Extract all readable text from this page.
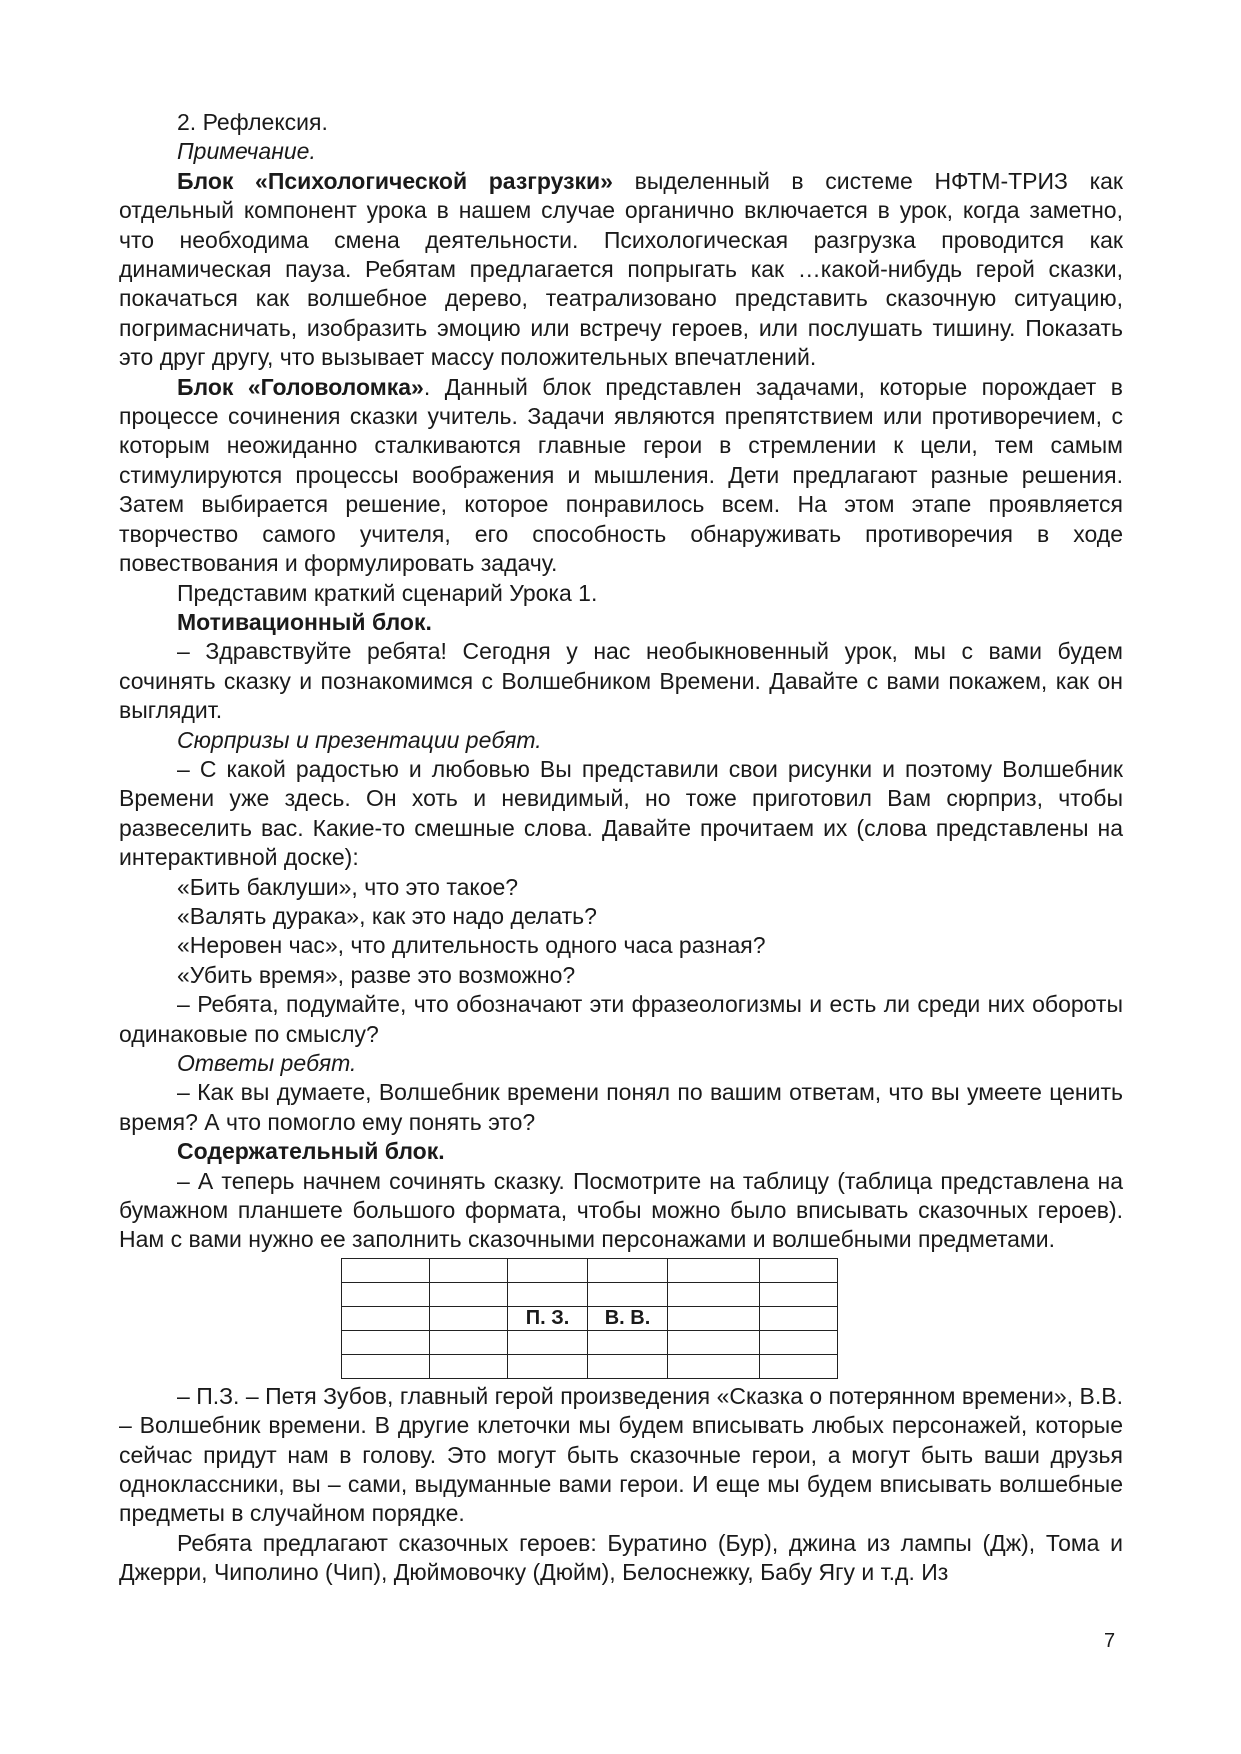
2. Рефлексия.

Примечание.

Блок «Психологической разгрузки» выделенный в системе НФТМ-ТРИЗ как отдельный компонент урока в нашем случае органично включается в урок, когда заметно, что необходима смена деятельности. Психологическая разгрузка проводится как динамическая пауза. Ребятам предлагается попрыгать как …какой-нибудь герой сказки, покачаться как волшебное дерево, театрализовано представить сказочную ситуацию, погримасничать, изобразить эмоцию или встречу героев, или послушать тишину. Показать это друг другу, что вызывает массу положительных впечатлений.

Блок «Головоломка». Данный блок представлен задачами, которые порождает в процессе сочинения сказки учитель. Задачи являются препятствием или противоречием, с которым неожиданно сталкиваются главные герои в стремлении к цели, тем самым стимулируются процессы воображения и мышления. Дети предлагают разные решения. Затем выбирается решение, которое понравилось всем. На этом этапе проявляется творчество самого учителя, его способность обнаруживать противоречия в ходе повествования и формулировать задачу.

Представим краткий сценарий Урока 1.

Мотивационный блок.

– Здравствуйте ребята! Сегодня у нас необыкновенный урок, мы с вами будем сочинять сказку и познакомимся с Волшебником Времени. Давайте с вами покажем, как он выглядит.

Сюрпризы и презентации ребят.

– С какой радостью и любовью Вы представили свои рисунки и поэтому Волшебник Времени уже здесь. Он хоть и невидимый, но тоже приготовил Вам сюрприз, чтобы развеселить вас. Какие-то смешные слова. Давайте прочитаем их (слова представлены на интерактивной доске):

«Бить баклуши», что это такое?

«Валять дурака», как это надо делать?

«Неровен час», что длительность одного часа разная?

«Убить время», разве это возможно?

– Ребята, подумайте, что обозначают эти фразеологизмы и есть ли среди них обороты одинаковые по смыслу?

Ответы ребят.

– Как вы думаете, Волшебник времени понял по вашим ответам, что вы умеете ценить время? А что помогло ему понять это?

Содержательный блок.

– А теперь начнем сочинять сказку. Посмотрите на таблицу (таблица представлена на бумажном планшете большого формата, чтобы можно было вписывать сказочных героев). Нам с вами нужно ее заполнить сказочными персонажами и волшебными предметами.

		П. З.	В. В.		

– П.З. – Петя Зубов, главный герой произведения «Сказка о потерянном времени», В.В. – Волшебник времени. В другие клеточки мы будем вписывать любых персонажей, которые сейчас придут нам в голову. Это могут быть сказочные герои, а могут быть ваши друзья одноклассники, вы – сами, выдуманные вами герои. И еще мы будем вписывать волшебные предметы в случайном порядке.

Ребята предлагают сказочных героев: Буратино (Бур), джина из лампы (Дж), Тома и Джерри, Чиполино (Чип), Дюймовочку (Дюйм), Белоснежку, Бабу Ягу и т.д. Из

7
